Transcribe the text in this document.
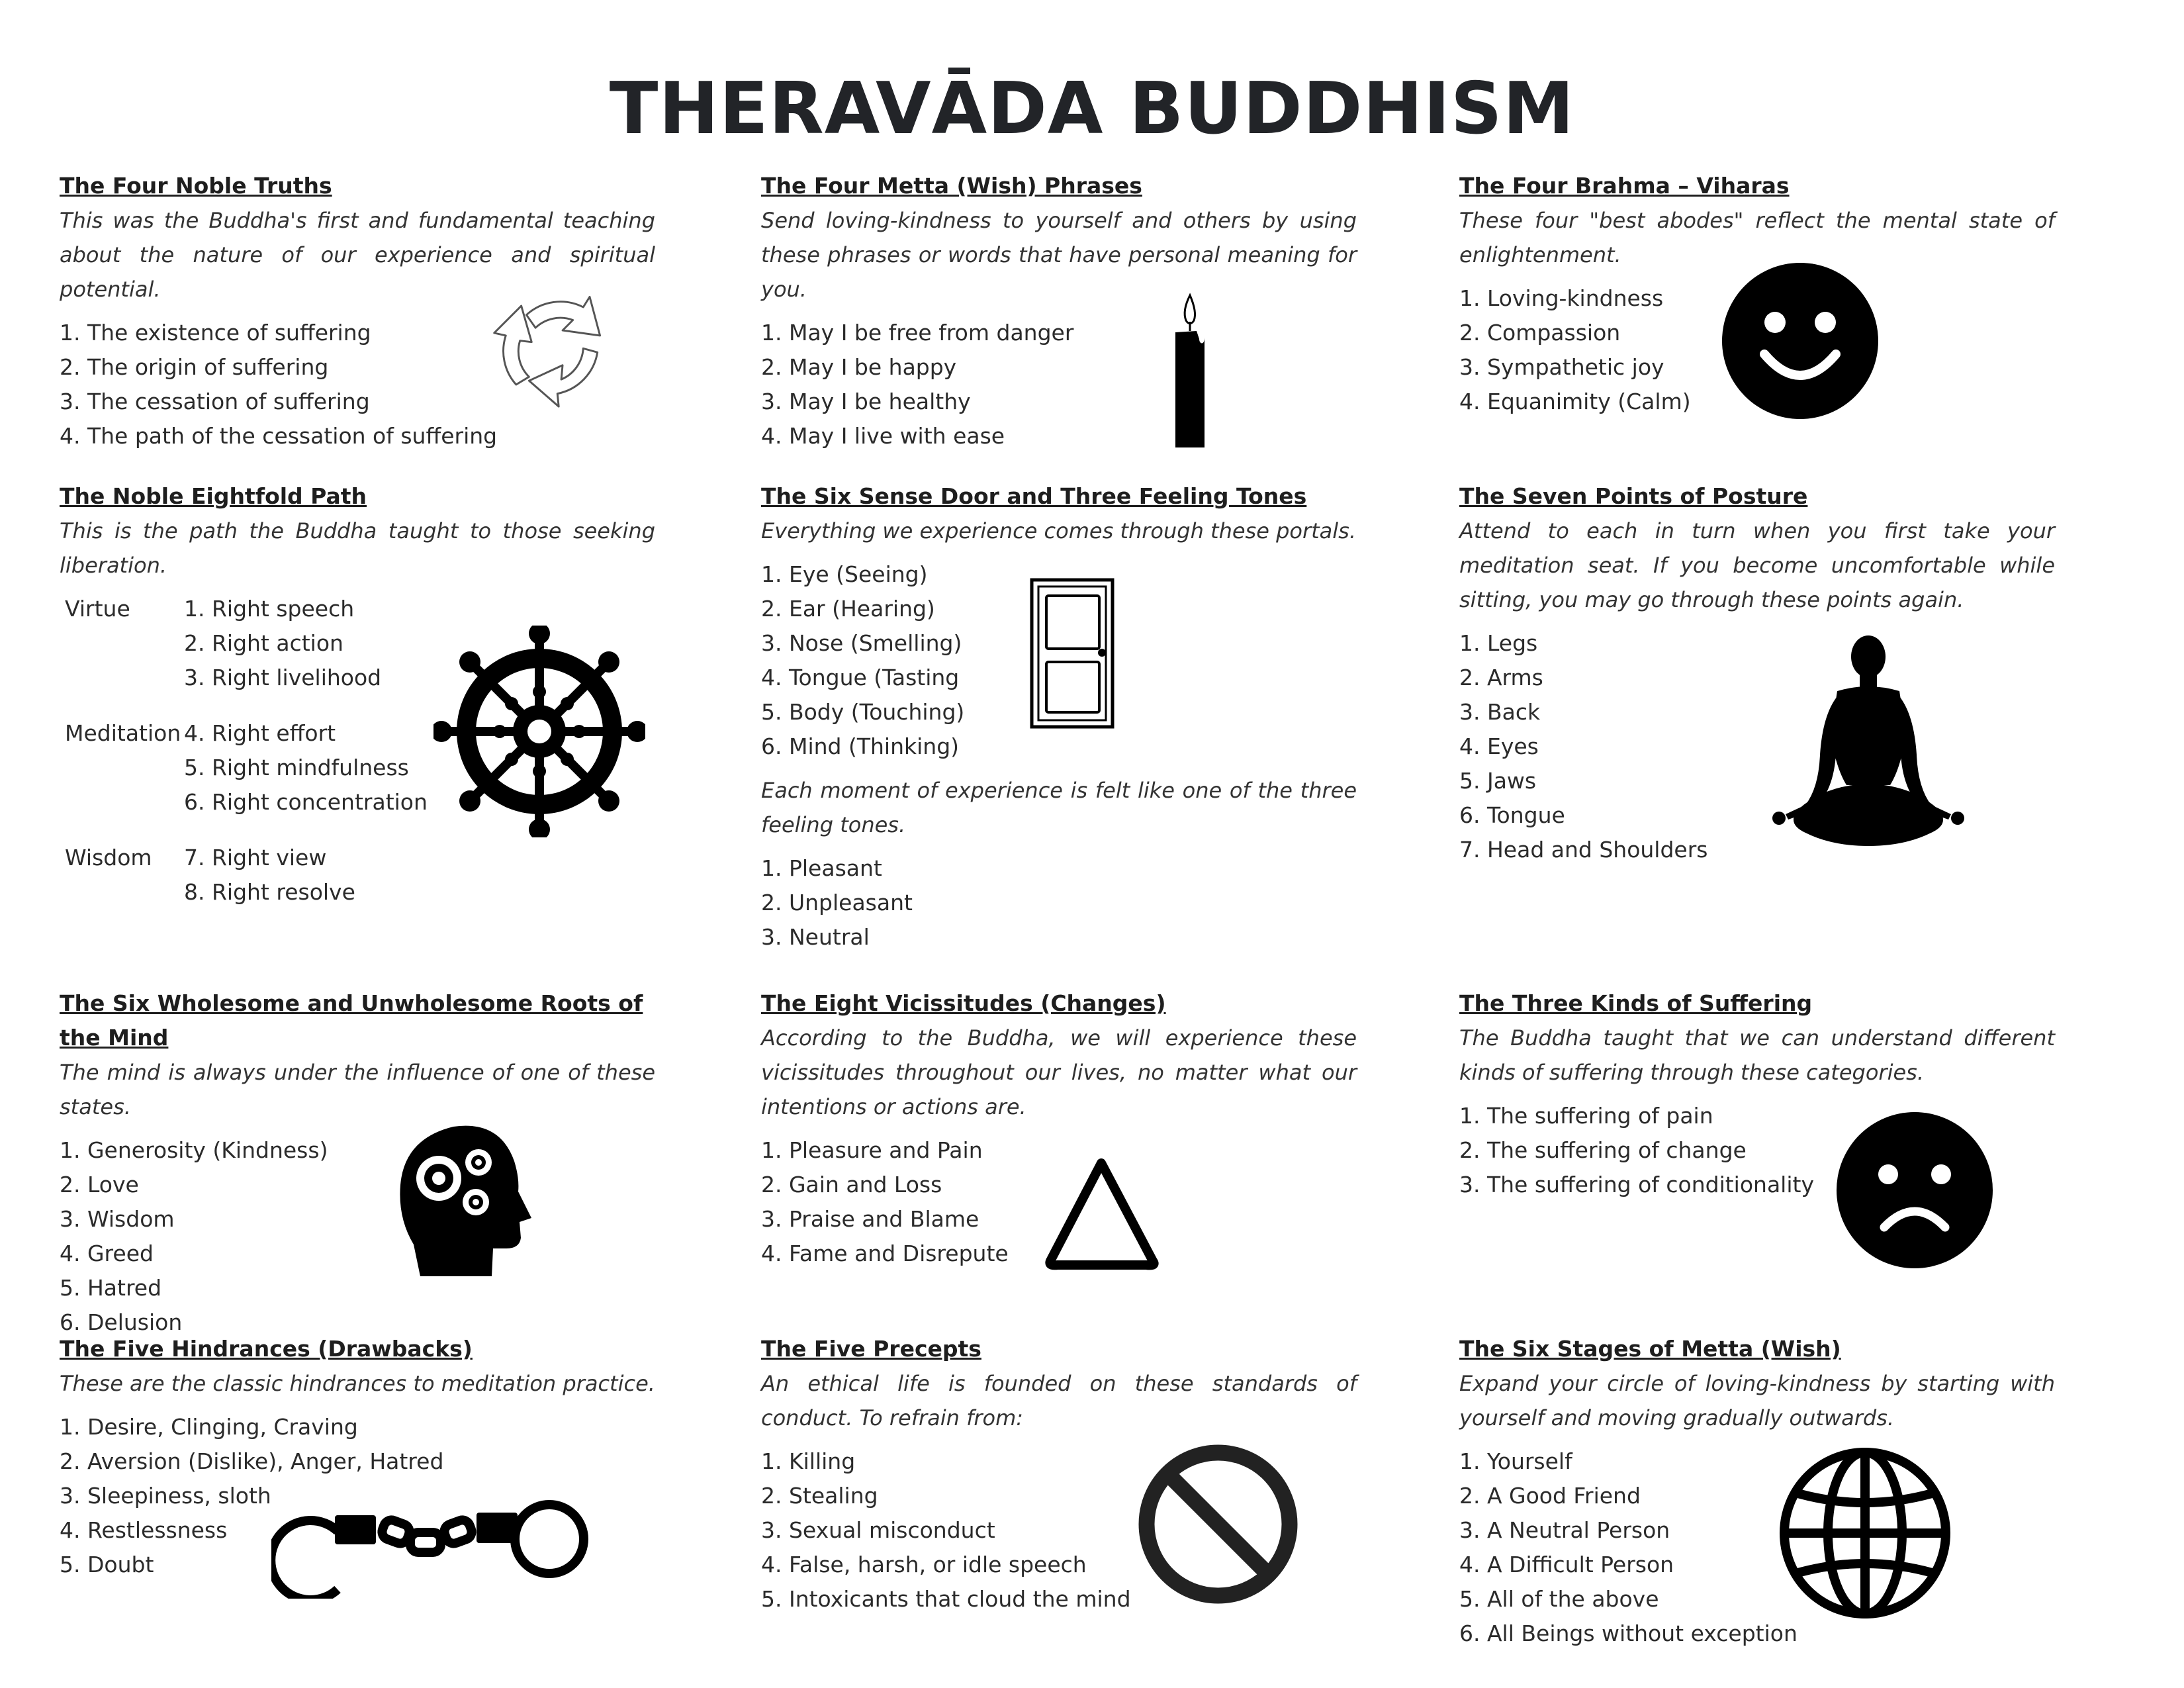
THERAVĀDA BUDDHISM
The Four Noble Truths
This was the Buddha's first and fundamental teaching about the nature of our experience and spiritual potential.
1. The existence of suffering
2. The origin of suffering
3. The cessation of suffering
4. The path of the cessation of suffering
The Four Metta (Wish) Phrases
Send loving-kindness to yourself and others by using these phrases or words that have personal meaning for you.
1. May I be free from danger
2. May I be happy
3. May I be healthy
4. May I live with ease
The Four Brahma – Viharas
These four "best abodes" reflect the mental state of enlightenment.
1. Loving-kindness
2. Compassion
3. Sympathetic joy
4. Equanimity (Calm)
The Noble Eightfold Path
This is the path the Buddha taught to those seeking liberation.
Virtue	1. Right speech
2. Right action
3. Right livelihood
Meditation 4. Right effort
5. Right mindfulness
6. Right concentration
Wisdom	7. Right view
8. Right resolve
The Six Sense Door and Three Feeling Tones
Everything we experience comes through these portals.
1. Eye (Seeing)
2. Ear (Hearing)
3. Nose (Smelling)
4. Tongue (Tasting
5. Body (Touching)
6. Mind (Thinking)
Each moment of experience is felt like one of the three feeling tones.
1. Pleasant
2. Unpleasant
3. Neutral
The Seven Points of Posture
Attend to each in turn when you first take your meditation seat. If you become uncomfortable while sitting, you may go through these points again.
1. Legs
2. Arms
3. Back
4. Eyes
5. Jaws
6. Tongue
7. Head and Shoulders
The Six Wholesome and Unwholesome Roots of the Mind
The mind is always under the influence of one of these states.
1. Generosity (Kindness)
2. Love
3. Wisdom
4. Greed
5. Hatred
6. Delusion
The Eight Vicissitudes (Changes)
According to the Buddha, we will experience these vicissitudes throughout our lives, no matter what our intentions or actions are.
1. Pleasure and Pain
2. Gain and Loss
3. Praise and Blame
4. Fame and Disrepute
The Three Kinds of Suffering
The Buddha taught that we can understand different kinds of suffering through these categories.
1. The suffering of pain
2. The suffering of change
3. The suffering of conditionality
The Five Hindrances (Drawbacks)
These are the classic hindrances to meditation practice.
1. Desire, Clinging, Craving
2. Aversion (Dislike), Anger, Hatred
3. Sleepiness, sloth
4. Restlessness
5. Doubt
The Five Precepts
An ethical life is founded on these standards of conduct. To refrain from:
1. Killing
2. Stealing
3. Sexual misconduct
4. False, harsh, or idle speech
5. Intoxicants that cloud the mind
The Six Stages of Metta (Wish)
Expand your circle of loving-kindness by starting with yourself and moving gradually outwards.
1. Yourself
2. A Good Friend
3. A Neutral Person
4. A Difficult Person
5. All of the above
6. All Beings without exception
